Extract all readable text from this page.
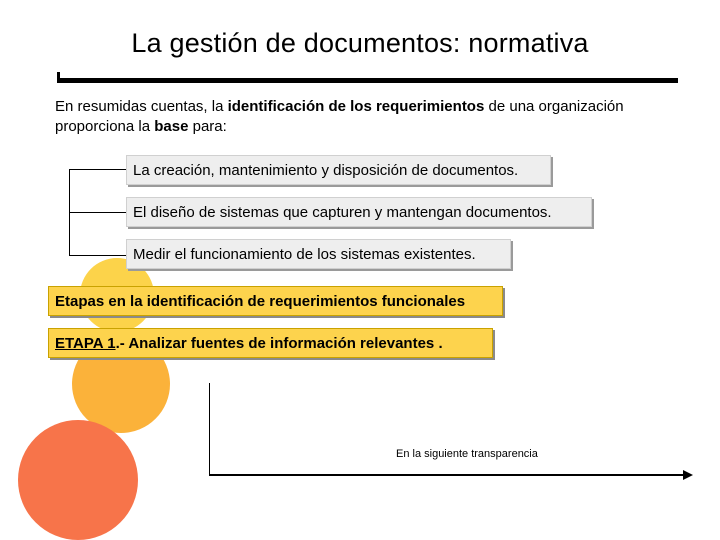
La gestión de documentos: normativa
En resumidas cuentas, la identificación de los requerimientos de una organización proporciona la base para:
La creación, mantenimiento y disposición de documentos.
El diseño de sistemas que capturen y mantengan documentos.
Medir el funcionamiento de los sistemas existentes.
Etapas en la identificación de requerimientos funcionales
ETAPA 1.- Analizar fuentes de información relevantes .
En la siguiente transparencia
